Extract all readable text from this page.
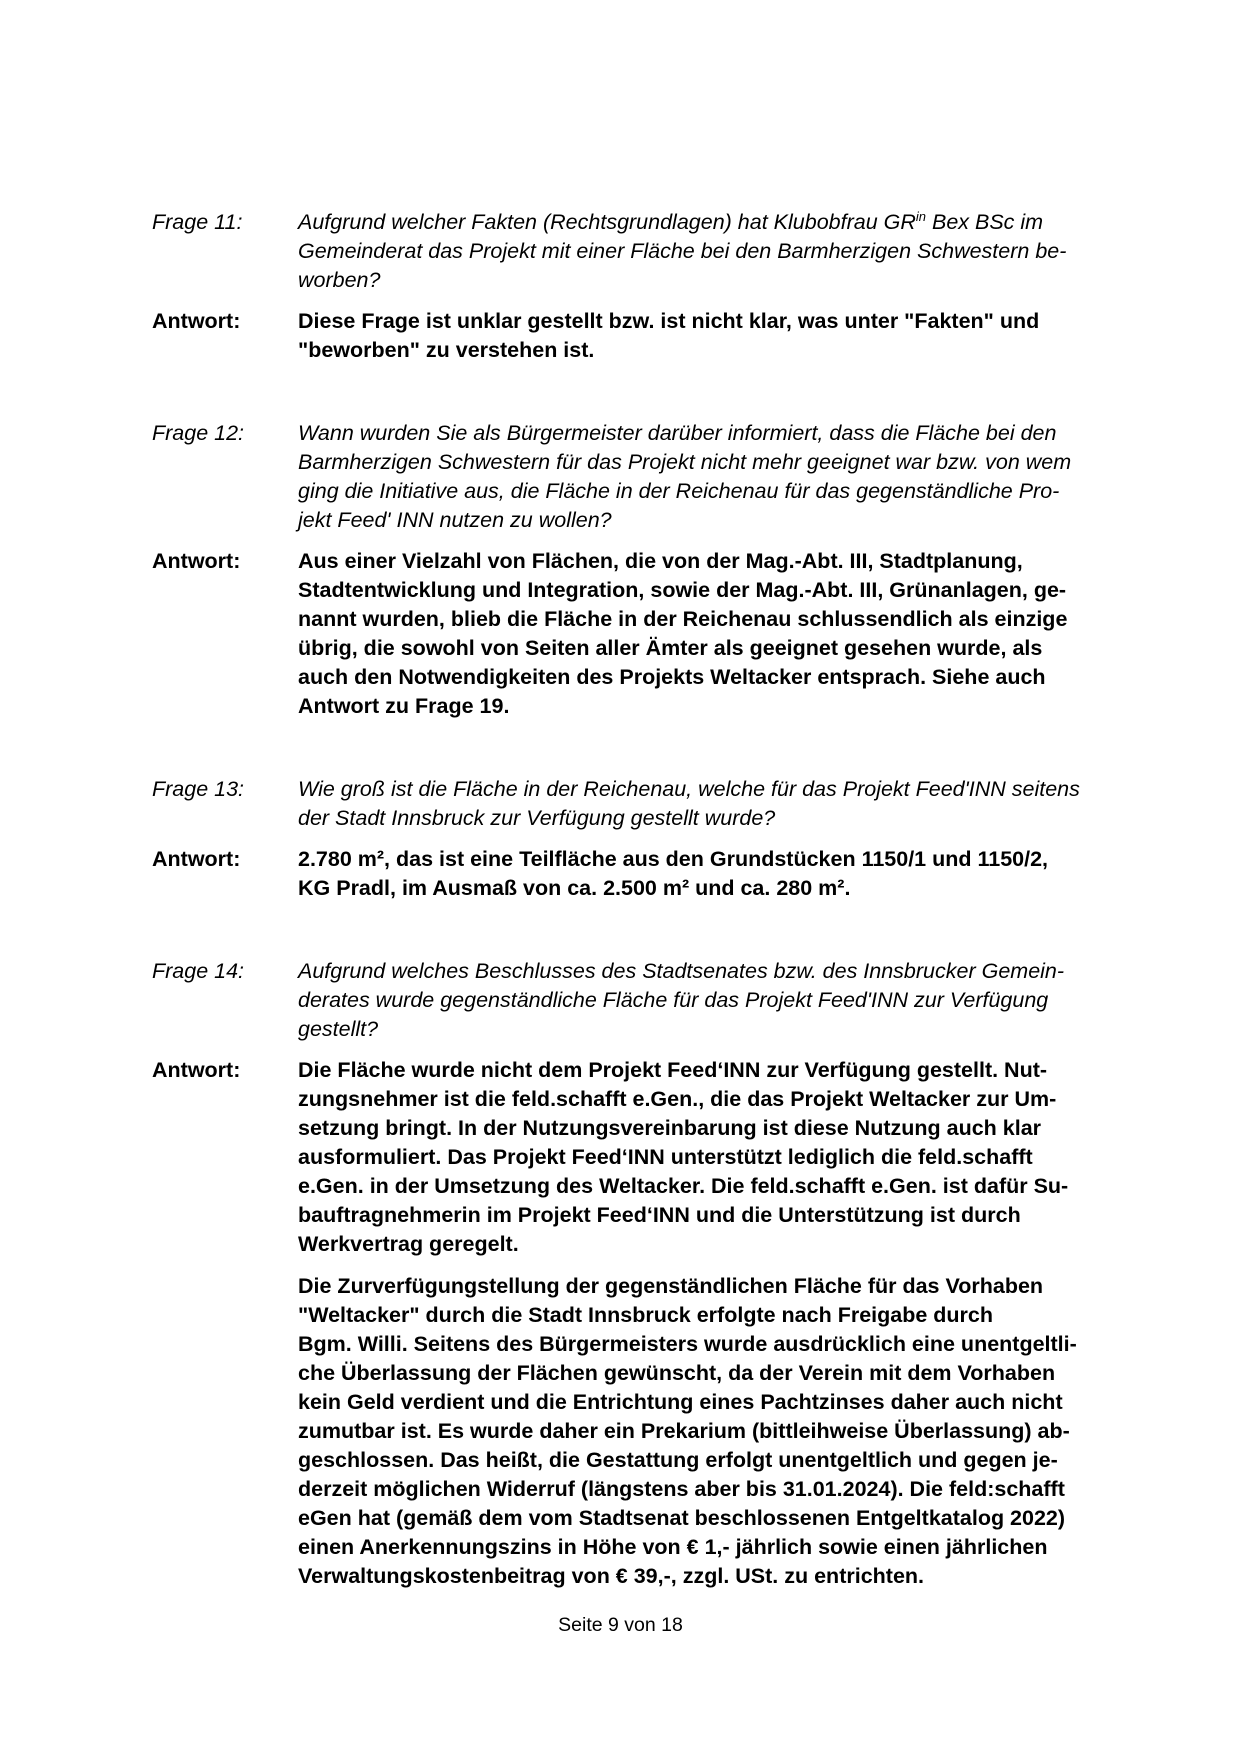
Frage 11:	Aufgrund welcher Fakten (Rechtsgrundlagen) hat Klubobfrau $GR^{in}$ Bex BSc im
Gemeinderat das Projekt mit einer Fläche bei den Barmherzigen Schwestern be-
worben?
Antwort:	Diese Frage ist unklar gestellt bzw. ist nicht klar, was unter "Fakten" und
"beworben" zu verstehen ist.

Frage 12:	Wann wurden Sie als Bürgermeister darüber informiert, dass die Fläche bei den
Barmherzigen Schwestern für das Projekt nicht mehr geeignet war bzw. von wem
ging die Initiative aus, die Fläche in der Reichenau für das gegenständliche Pro-
jekt Feed' INN nutzen zu wollen?
Antwort:	Aus einer Vielzahl von Flächen, die von der Mag.-Abt. III, Stadtplanung,
Stadtentwicklung und Integration, sowie der Mag.-Abt. III, Grünanlagen, ge-
nannt wurden, blieb die Fläche in der Reichenau schlussendlich als einzige
übrig, die sowohl von Seiten aller Ämter als geeignet gesehen wurde, als
auch den Notwendigkeiten des Projekts Weltacker entsprach. Siehe auch
Antwort zu Frage 19.

Frage 13:	Wie groß ist die Fläche in der Reichenau, welche für das Projekt Feed'INN seitens
der Stadt Innsbruck zur Verfügung gestellt wurde?
Antwort:	2.780 m², das ist eine Teilfläche aus den Grundstücken 1150/1 und 1150/2,
KG Pradl, im Ausmaß von ca. 2.500 m² und ca. 280 m².

Frage 14:	Aufgrund welches Beschlusses des Stadtsenates bzw. des Innsbrucker Gemein-
derates wurde gegenständliche Fläche für das Projekt Feed'INN zur Verfügung
gestellt?
Antwort:	Die Fläche wurde nicht dem Projekt Feed‘INN zur Verfügung gestellt. Nut-
zungsnehmer ist die feld.schafft e.Gen., die das Projekt Weltacker zur Um-
setzung bringt. In der Nutzungsvereinbarung ist diese Nutzung auch klar
ausformuliert. Das Projekt Feed‘INN unterstützt lediglich die feld.schafft
e.Gen. in der Umsetzung des Weltacker. Die feld.schafft e.Gen. ist dafür Su-
bauftragnehmerin im Projekt Feed‘INN und die Unterstützung ist durch
Werkvertrag geregelt.

Die Zurverfügungstellung der gegenständlichen Fläche für das Vorhaben
"Weltacker" durch die Stadt Innsbruck erfolgte nach Freigabe durch
Bgm. Willi. Seitens des Bürgermeisters wurde ausdrücklich eine unentgeltli-
che Überlassung der Flächen gewünscht, da der Verein mit dem Vorhaben
kein Geld verdient und die Entrichtung eines Pachtzinses daher auch nicht
zumutbar ist. Es wurde daher ein Prekarium (bittleihweise Überlassung) ab-
geschlossen. Das heißt, die Gestattung erfolgt unentgeltlich und gegen je-
derzeit möglichen Widerruf (längstens aber bis 31.01.2024). Die feld:schafft
eGen hat (gemäß dem vom Stadtsenat beschlossenen Entgeltkatalog 2022)
einen Anerkennungszins in Höhe von € 1,- jährlich sowie einen jährlichen
Verwaltungskostenbeitrag von € 39,-, zzgl. USt. zu entrichten.

Seite 9 von 18
